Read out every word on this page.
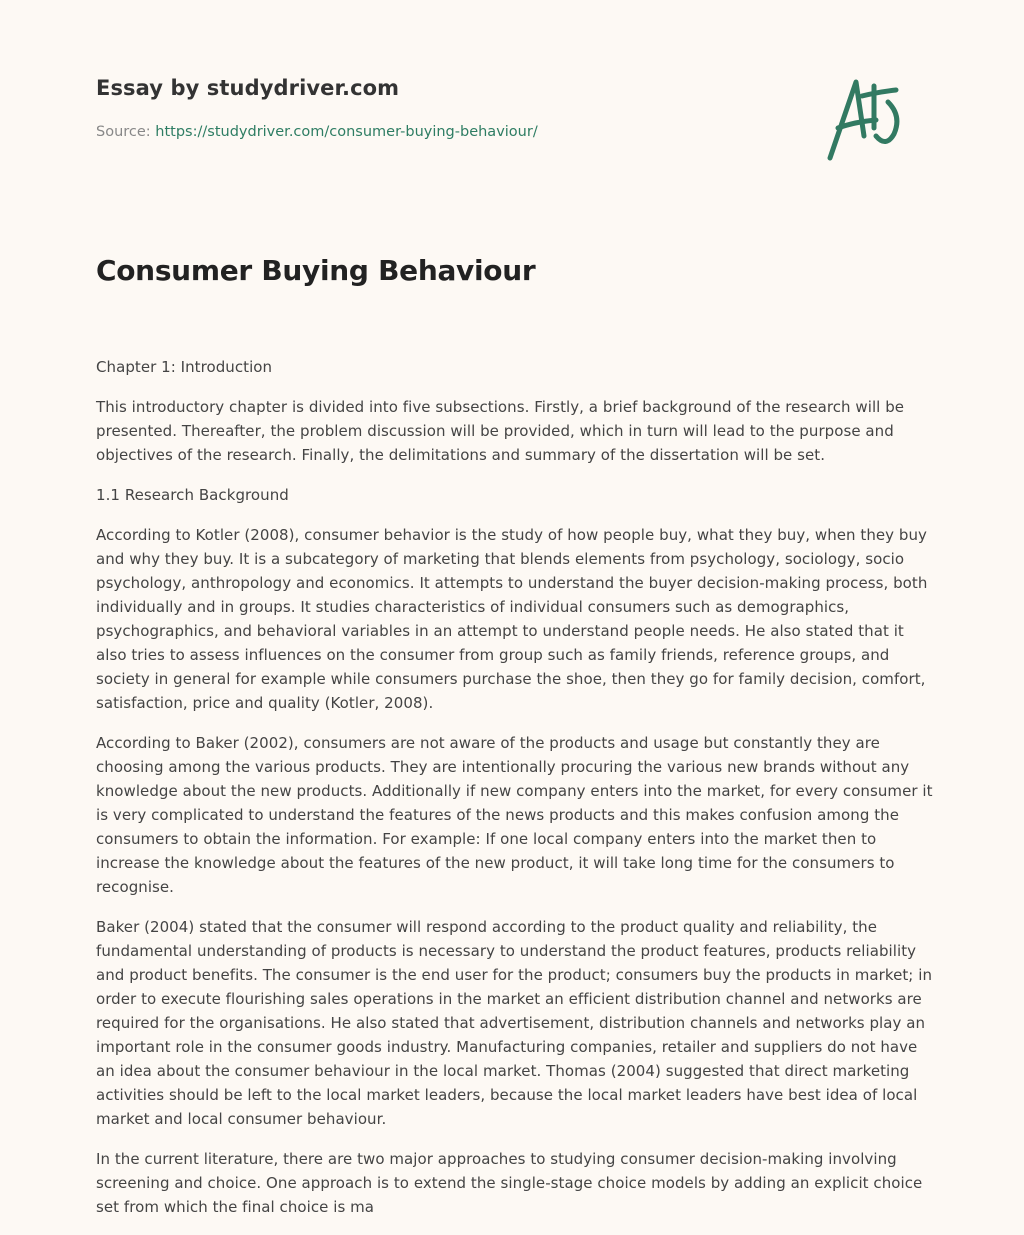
Essay by studydriver.com
Source: https://studydriver.com/consumer-buying-behaviour/
Consumer Buying Behaviour

Chapter 1: Introduction

This introductory chapter is divided into five subsections. Firstly, a brief background of the research will be presented. Thereafter, the problem discussion will be provided, which in turn will lead to the purpose and objectives of the research. Finally, the delimitations and summary of the dissertation will be set.

1.1 Research Background

According to Kotler (2008), consumer behavior is the study of how people buy, what they buy, when they buy and why they buy. It is a subcategory of marketing that blends elements from psychology, sociology, socio psychology, anthropology and economics. It attempts to understand the buyer decision-making process, both individually and in groups. It studies characteristics of individual consumers such as demographics, psychographics, and behavioral variables in an attempt to understand people needs. He also stated that it also tries to assess influences on the consumer from group such as family friends, reference groups, and society in general for example while consumers purchase the shoe, then they go for family decision, comfort, satisfaction, price and quality (Kotler, 2008).

According to Baker (2002), consumers are not aware of the products and usage but constantly they are choosing among the various products. They are intentionally procuring the various new brands without any knowledge about the new products. Additionally if new company enters into the market, for every consumer it is very complicated to understand the features of the news products and this makes confusion among the consumers to obtain the information. For example: If one local company enters into the market then to increase the knowledge about the features of the new product, it will take long time for the consumers to recognise.

Baker (2004) stated that the consumer will respond according to the product quality and reliability, the fundamental understanding of products is necessary to understand the product features, products reliability and product benefits. The consumer is the end user for the product; consumers buy the products in market; in order to execute flourishing sales operations in the market an efficient distribution channel and networks are required for the organisations. He also stated that advertisement, distribution channels and networks play an important role in the consumer goods industry. Manufacturing companies, retailer and suppliers do not have an idea about the consumer behaviour in the local market. Thomas (2004) suggested that direct marketing activities should be left to the local market leaders, because the local market leaders have best idea of local market and local consumer behaviour.

In the current literature, there are two major approaches to studying consumer decision-making involving screening and choice. One approach is to extend the single-stage choice models by adding an explicit choice set from which the final choice is ma
